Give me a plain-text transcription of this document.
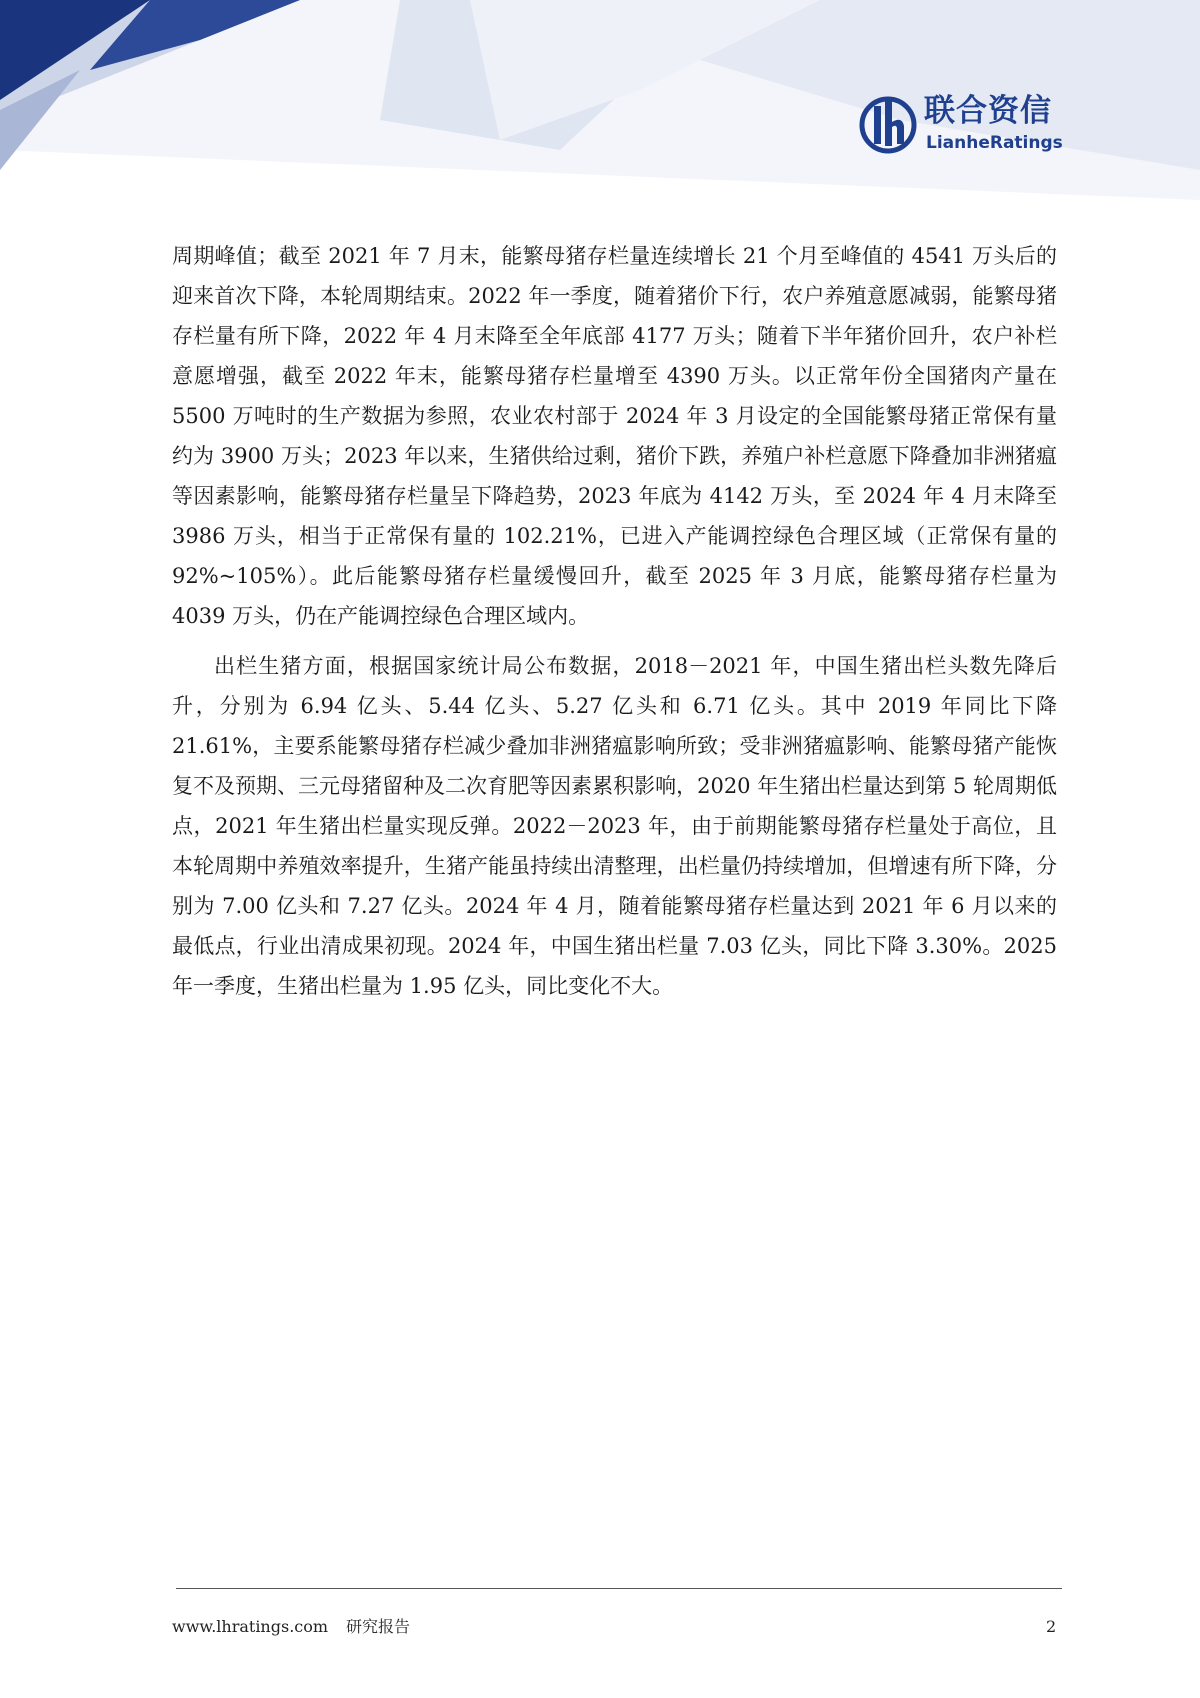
联合资信
LianheRatings

周期峰值；截至 2021 年 7 月末，能繁母猪存栏量连续增长 21 个月至峰值的 4541 万头后的迎来首次下降，本轮周期结束。2022 年一季度，随着猪价下行，农户养殖意愿减弱，能繁母猪存栏量有所下降，2022 年 4 月末降至全年底部 4177 万头；随着下半年猪价回升，农户补栏意愿增强，截至 2022 年末，能繁母猪存栏量增至 4390 万头。以正常年份全国猪肉产量在 5500 万吨时的生产数据为参照，农业农村部于 2024 年 3 月设定的全国能繁母猪正常保有量约为 3900 万头；2023 年以来，生猪供给过剩，猪价下跌，养殖户补栏意愿下降叠加非洲猪瘟等因素影响，能繁母猪存栏量呈下降趋势，2023 年底为 4142 万头，至 2024 年 4 月末降至 3986 万头，相当于正常保有量的 102.21%，已进入产能调控绿色合理区域（正常保有量的 92%~105%）。此后能繁母猪存栏量缓慢回升，截至 2025 年 3 月底，能繁母猪存栏量为 4039 万头，仍在产能调控绿色合理区域内。

出栏生猪方面，根据国家统计局公布数据，2018－2021 年，中国生猪出栏头数先降后升，分别为 6.94 亿头、5.44 亿头、5.27 亿头和 6.71 亿头。其中 2019 年同比下降 21.61%，主要系能繁母猪存栏减少叠加非洲猪瘟影响所致；受非洲猪瘟影响、能繁母猪产能恢复不及预期、三元母猪留种及二次育肥等因素累积影响，2020 年生猪出栏量达到第 5 轮周期低点，2021 年生猪出栏量实现反弹。2022－2023 年，由于前期能繁母猪存栏量处于高位，且本轮周期中养殖效率提升，生猪产能虽持续出清整理，出栏量仍持续增加，但增速有所下降，分别为 7.00 亿头和 7.27 亿头。2024 年 4 月，随着能繁母猪存栏量达到 2021 年 6 月以来的最低点，行业出清成果初现。2024 年，中国生猪出栏量 7.03 亿头，同比下降 3.30%。2025 年一季度，生猪出栏量为 1.95 亿头，同比变化不大。

www.lhratings.com 研究报告	2
